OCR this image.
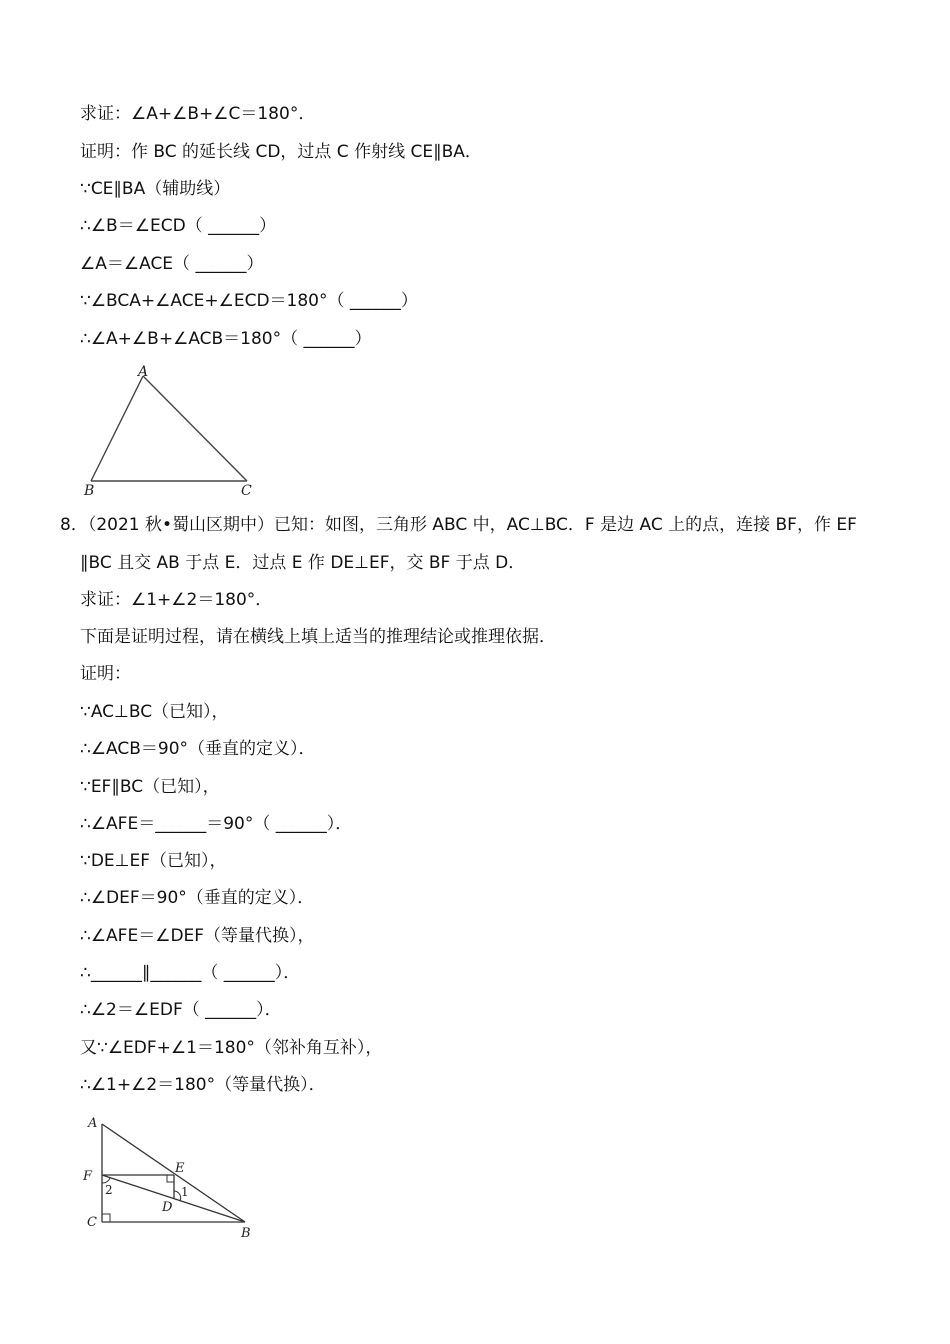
求证：∠A+∠B+∠C＝180°．
证明：作 BC 的延长线 CD，过点 C 作射线 CE∥BA．
∵CE∥BA（辅助线）
∴∠B＝∠ECD（ ______）
∠A＝∠ACE（ ______）
∵∠BCA+∠ACE+∠ECD＝180°（ ______）
∴∠A+∠B+∠ACB＝180°（ ______）
A
B	C
8．（2021 秋•蜀山区期中）已知：如图，三角形 ABC 中，AC⊥BC．F 是边 AC 上的点，连接 BF，作 EF
∥BC 且交 AB 于点 E．过点 E 作 DE⊥EF，交 BF 于点 D．
求证：∠1+∠2＝180°．
下面是证明过程，请在横线上填上适当的推理结论或推理依据．
证明：
∵AC⊥BC（已知），
∴∠ACB＝90°（垂直的定义）．
∵EF∥BC（已知），
∴∠AFE＝______＝90°（ ______）．
∵DE⊥EF（已知），
∴∠DEF＝90°（垂直的定义）．
∴∠AFE＝∠DEF（等量代换），
∴______∥______（ ______）．
∴∠2＝∠EDF（ ______）．
又∵∠EDF+∠1＝180°（邻补角互补），
∴∠1+∠2＝180°（等量代换）．
A
F
C
E
D
B
1
2
